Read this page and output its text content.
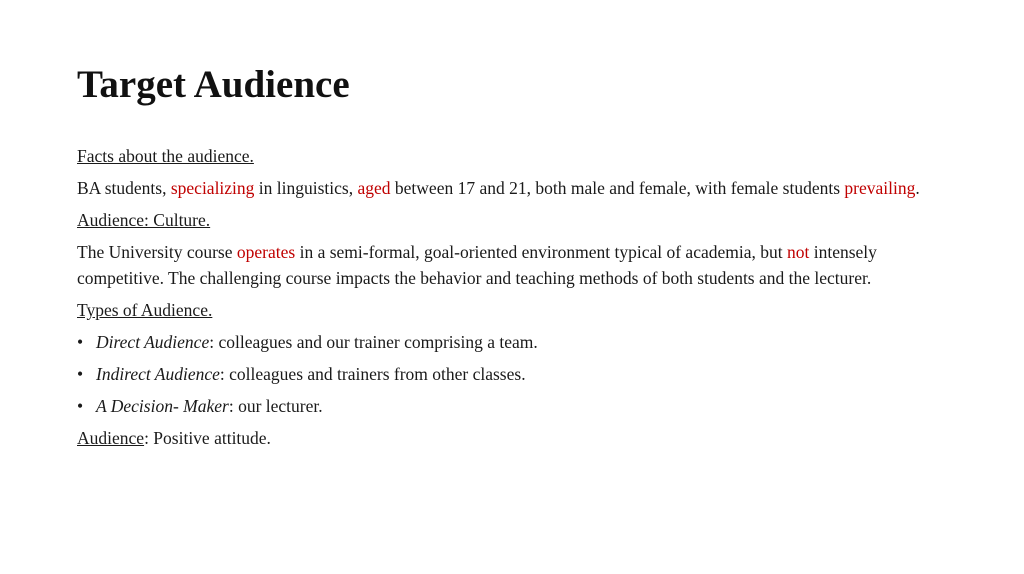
Target Audience

Facts about the audience.

BA students, specializing in linguistics, aged between 17 and 21, both male and female, with female students prevailing.

Audience: Culture.

The University course operates in a semi-formal, goal-oriented environment typical of academia, but not intensely competitive. The challenging course impacts the behavior and teaching methods of both students and the lecturer.

Types of Audience.

• Direct Audience: colleagues and our trainer comprising a team.
• Indirect Audience: colleagues and trainers from other classes.
• A Decision- Maker: our lecturer.

Audience: Positive attitude.
